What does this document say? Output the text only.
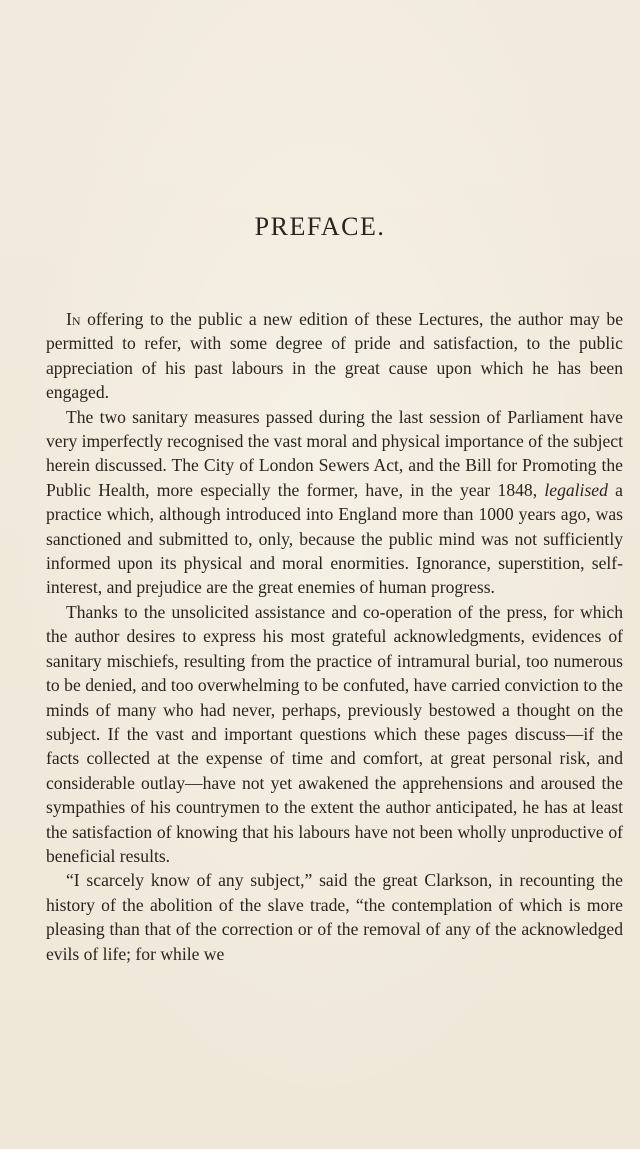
PREFACE.

In offering to the public a new edition of these Lectures, the author may be permitted to refer, with some degree of pride and satisfaction, to the public appreciation of his past labours in the great cause upon which he has been engaged.

The two sanitary measures passed during the last session of Parliament have very imperfectly recognised the vast moral and physical importance of the subject herein discussed. The City of London Sewers Act, and the Bill for Promoting the Public Health, more especially the former, have, in the year 1848, legalised a practice which, although introduced into England more than 1000 years ago, was sanctioned and submitted to, only, because the public mind was not sufficiently informed upon its physical and moral enormities. Ignorance, superstition, self-interest, and prejudice are the great enemies of human progress.

Thanks to the unsolicited assistance and co-operation of the press, for which the author desires to express his most grateful acknowledgments, evidences of sanitary mischiefs, resulting from the practice of intramural burial, too numerous to be denied, and too overwhelming to be confuted, have carried conviction to the minds of many who had never, perhaps, previously bestowed a thought on the subject. If the vast and important questions which these pages discuss—if the facts collected at the expense of time and comfort, at great personal risk, and considerable outlay—have not yet awakened the apprehensions and aroused the sympathies of his countrymen to the extent the author anticipated, he has at least the satisfaction of knowing that his labours have not been wholly unproductive of beneficial results.

“I scarcely know of any subject,” said the great Clarkson, in recounting the history of the abolition of the slave trade, “the contemplation of which is more pleasing than that of the correction or of the removal of any of the acknowledged evils of life; for while we
